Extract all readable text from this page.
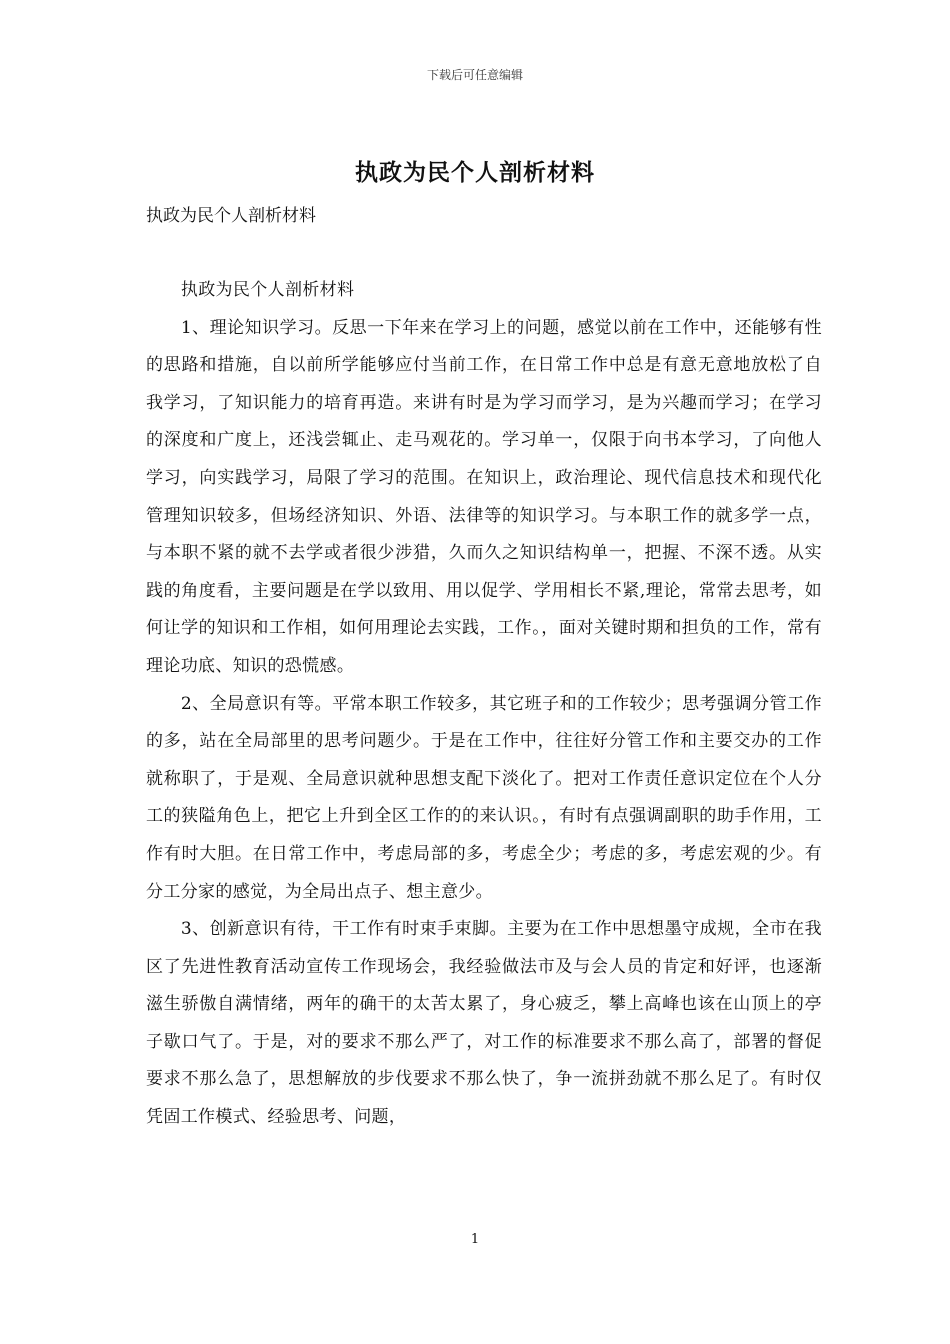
下载后可任意编辑
执政为民个人剖析材料
执政为民个人剖析材料

执政为民个人剖析材料

1、理论知识学习。反思一下年来在学习上的问题，感觉以前在工作中，还能够有性的思路和措施，自以前所学能够应付当前工作，在日常工作中总是有意无意地放松了自我学习，了知识能力的培育再造。来讲有时是为学习而学习，是为兴趣而学习；在学习的深度和广度上，还浅尝辄止、走马观花的。学习单一，仅限于向书本学习，了向他人学习，向实践学习，局限了学习的范围。在知识上，政治理论、现代信息技术和现代化管理知识较多，但场经济知识、外语、法律等的知识学习。与本职工作的就多学一点，与本职不紧的就不去学或者很少涉猎，久而久之知识结构单一，把握、不深不透。从实践的角度看，主要问题是在学以致用、用以促学、学用相长不紧,理论，常常去思考，如何让学的知识和工作相，如何用理论去实践，工作。，面对关键时期和担负的工作，常有理论功底、知识的恐慌感。

2、全局意识有等。平常本职工作较多，其它班子和的工作较少；思考强调分管工作的多，站在全局部里的思考问题少。于是在工作中，往往好分管工作和主要交办的工作就称职了，于是观、全局意识就种思想支配下淡化了。把对工作责任意识定位在个人分工的狭隘角色上，把它上升到全区工作的的来认识。，有时有点强调副职的助手作用，工作有时大胆。在日常工作中，考虑局部的多，考虑全少；考虑的多，考虑宏观的少。有分工分家的感觉，为全局出点子、想主意少。

3、创新意识有待，干工作有时束手束脚。主要为在工作中思想墨守成规，全市在我区了先进性教育活动宣传工作现场会，我经验做法市及与会人员的肯定和好评，也逐渐滋生骄傲自满情绪，两年的确干的太苦太累了，身心疲乏，攀上高峰也该在山顶上的亭子歇口气了。于是，对的要求不那么严了，对工作的标准要求不那么高了，部署的督促要求不那么急了，思想解放的步伐要求不那么快了，争一流拼劲就不那么足了。有时仅凭固工作模式、经验思考、问题，

1
